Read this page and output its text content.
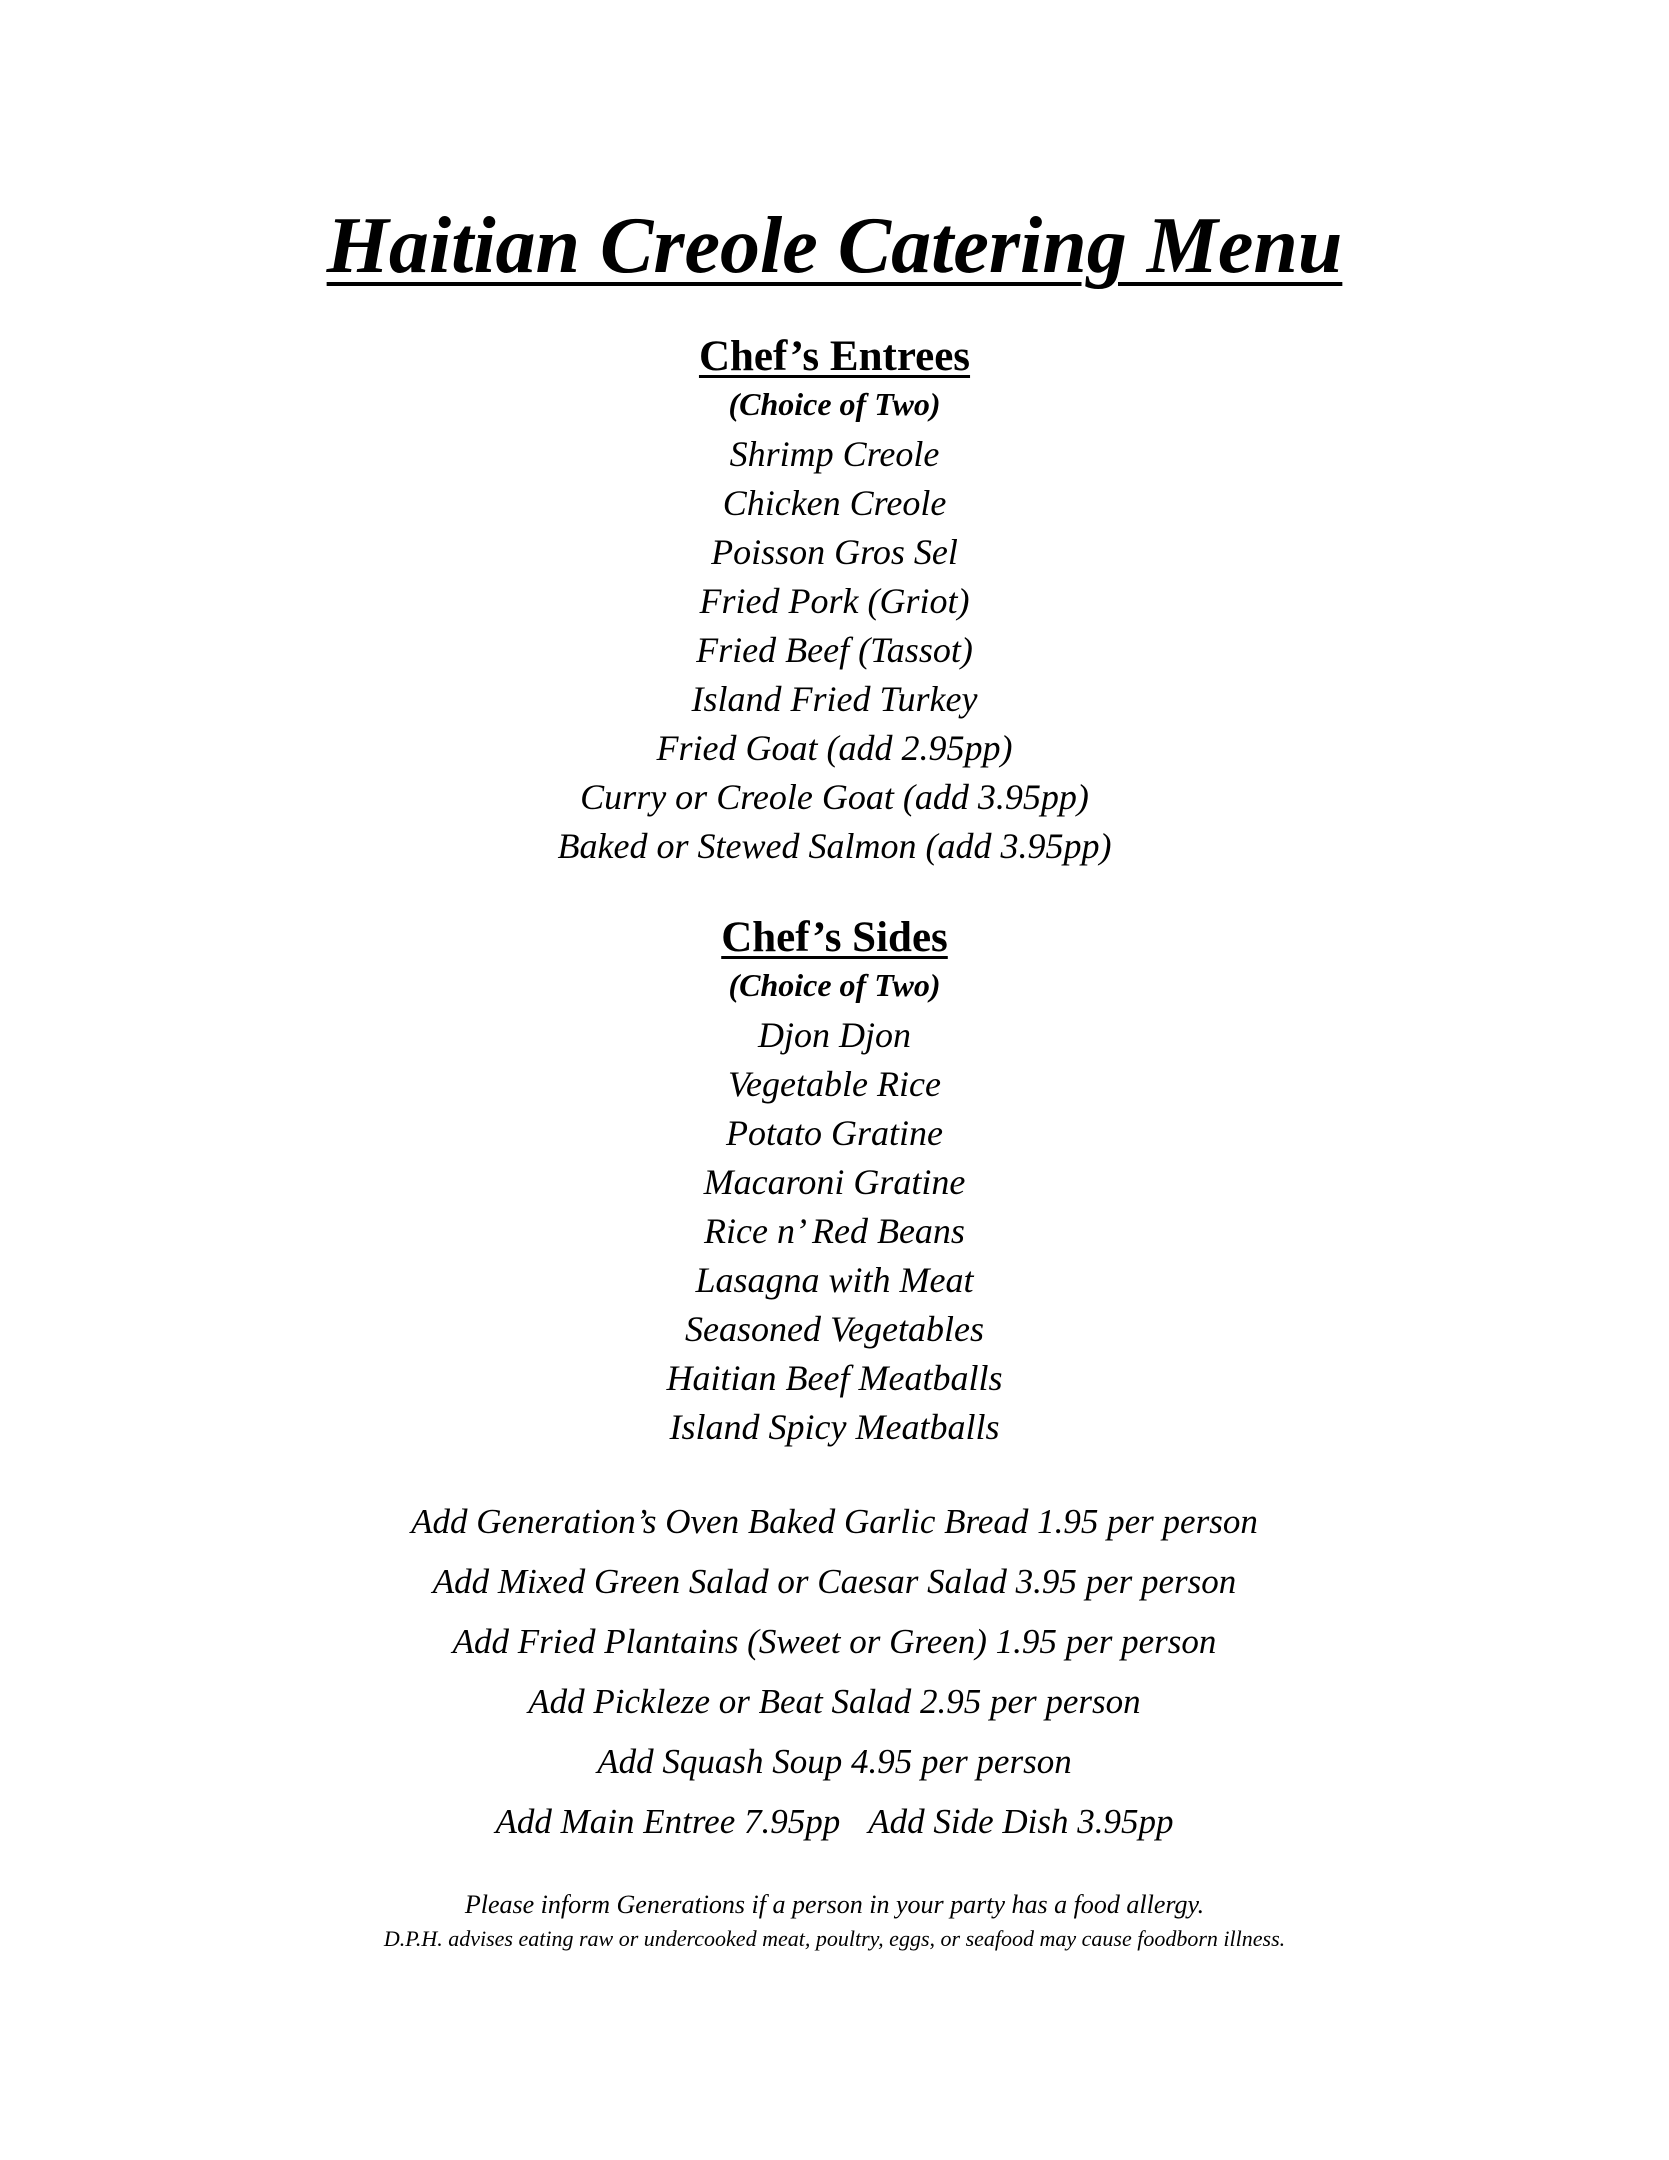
Haitian Creole Catering Menu
Chef’s Entrees

(Choice of Two)

Shrimp Creole
Chicken Creole
Poisson Gros Sel
Fried Pork (Griot)
Fried Beef (Tassot)
Island Fried Turkey
Fried Goat (add 2.95pp)
Curry or Creole Goat (add 3.95pp)
Baked or Stewed Salmon (add 3.95pp)
Chef’s Sides

(Choice of Two)

Djon Djon
Vegetable Rice
Potato Gratine
Macaroni Gratine
Rice n’ Red Beans
Lasagna with Meat
Seasoned Vegetables
Haitian Beef Meatballs
Island Spicy Meatballs
Add Generation’s Oven Baked Garlic Bread 1.95 per person
Add Mixed Green Salad or Caesar Salad 3.95 per person
Add Fried Plantains (Sweet or Green) 1.95 per person
Add Pickleze or Beat Salad 2.95 per person
Add Squash Soup 4.95 per person
Add Main Entree 7.95pp Add Side Dish 3.95pp

Please inform Generations if a person in your party has a food allergy.

D.P.H. advises eating raw or undercooked meat, poultry, eggs, or seafood may cause foodborn illness.
